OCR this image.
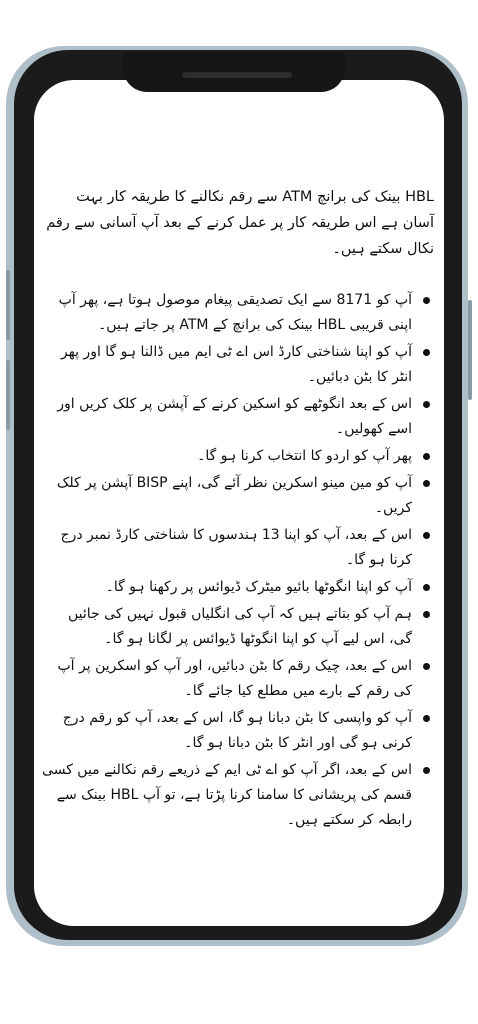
HBL بینک کی برانچ ATM سے رقم نکالنے کا طریقہ کار بہت آسان ہے اس طریقہ کار پر عمل کرنے کے بعد آپ آسانی سے رقم نکال سکتے ہیں۔

آپ کو 8171 سے ایک تصدیقی پیغام موصول ہوتا ہے، پھر آپ اپنی قریبی HBL بینک کی برانچ کے ATM پر جاتے ہیں۔
آپ کو اپنا شناختی کارڈ اس اے ٹی ایم میں ڈالنا ہو گا اور پھر انٹر کا بٹن دبائیں۔
اس کے بعد انگوٹھے کو اسکین کرنے کے آپشن پر کلک کریں اور اسے کھولیں۔
پھر آپ کو اردو کا انتخاب کرنا ہو گا۔
آپ کو مین مینو اسکرین نظر آئے گی، اپنے BISP آپشن پر کلک کریں۔
اس کے بعد، آپ کو اپنا 13 ہندسوں کا شناختی کارڈ نمبر درج کرنا ہو گا۔
آپ کو اپنا انگوٹھا بائیو میٹرک ڈیوائس پر رکھنا ہو گا۔
ہم آپ کو بتاتے ہیں کہ آپ کی انگلیاں قبول نہیں کی جائیں گی، اس لیے آپ کو اپنا انگوٹھا ڈیوائس پر لگانا ہو گا۔
اس کے بعد، چیک رقم کا بٹن دبائیں، اور آپ کو اسکرین پر آپ کی رقم کے بارے میں مطلع کیا جائے گا۔
آپ کو واپسی کا بٹن دبانا ہو گا، اس کے بعد، آپ کو رقم درج کرنی ہو گی اور انٹر کا بٹن دبانا ہو گا۔
اس کے بعد، اگر آپ کو اے ٹی ایم کے ذریعے رقم نکالنے میں کسی قسم کی پریشانی کا سامنا کرنا پڑتا ہے، تو آپ HBL بینک سے رابطہ کر سکتے ہیں۔
